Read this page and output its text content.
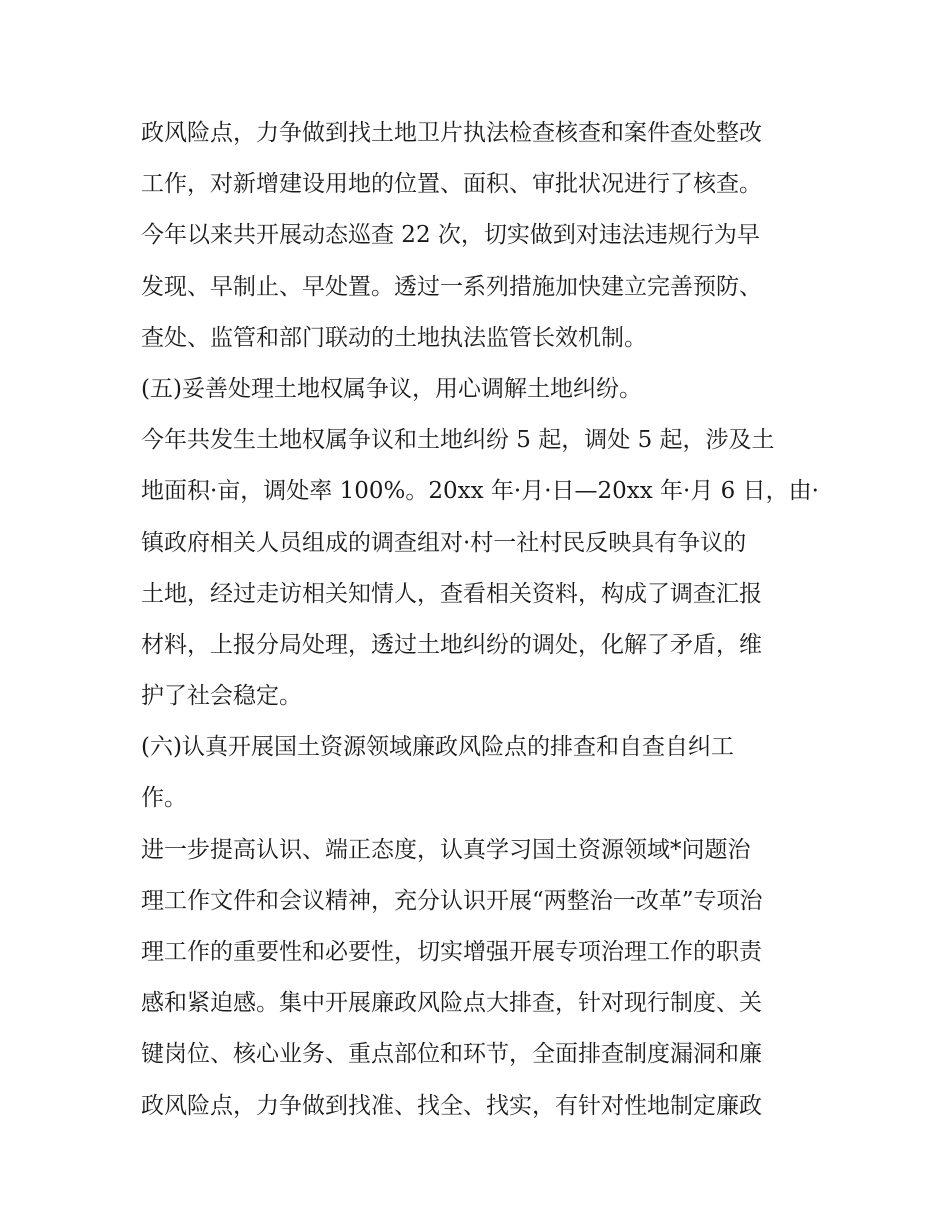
政风险点，力争做到找土地卫片执法检查核查和案件查处整改
工作，对新增建设用地的位置、面积、审批状况进行了核查。
今年以来共开展动态巡查 22 次，切实做到对违法违规行为早
发现、早制止、早处置。透过一系列措施加快建立完善预防、
查处、监管和部门联动的土地执法监管长效机制。
(五)妥善处理土地权属争议，用心调解土地纠纷。
今年共发生土地权属争议和土地纠纷 5 起，调处 5 起，涉及土
地面积·亩，调处率 100%。20xx 年·月·日—20xx 年·月 6 日，由·
镇政府相关人员组成的调查组对·村一社村民反映具有争议的
土地，经过走访相关知情人，查看相关资料，构成了调查汇报
材料，上报分局处理，透过土地纠纷的调处，化解了矛盾，维
护了社会稳定。
(六)认真开展国土资源领域廉政风险点的排查和自查自纠工
作。
进一步提高认识、端正态度，认真学习国土资源领域*问题治
理工作文件和会议精神，充分认识开展“两整治一改革”专项治
理工作的重要性和必要性，切实增强开展专项治理工作的职责
感和紧迫感。集中开展廉政风险点大排查，针对现行制度、关
键岗位、核心业务、重点部位和环节，全面排查制度漏洞和廉
政风险点，力争做到找准、找全、找实，有针对性地制定廉政
